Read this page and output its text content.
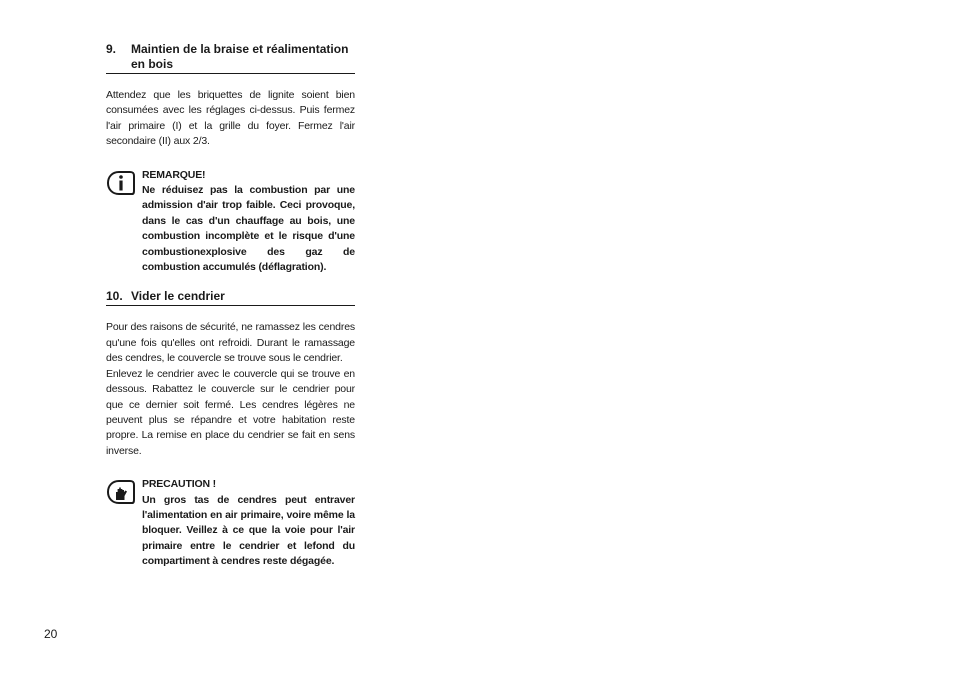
9.	Maintien de la braise et réalimentation en bois

Attendez que les briquettes de lignite soient bien consumées avec les réglages ci-dessus. Puis fermez l'air primaire (I) et la grille du foyer. Fermez l'air secondaire (II) aux 2/3.

REMARQUE!
Ne réduisez pas la combustion par une admission d'air trop faible. Ceci provoque, dans le cas d'un chauffage au bois, une combustion incomplète et le risque d'une combustionexplosive des gaz de combustion accumulés (déflagration).
10. Vider le cendrier

Pour des raisons de sécurité, ne ramassez les cendres qu'une fois qu'elles ont refroidi. Durant le ramassage des cendres, le couvercle se trouve sous le cendrier.

Enlevez le cendrier avec le couvercle qui se trouve en dessous. Rabattez le couvercle sur le cendrier pour que ce dernier soit fermé. Les cendres légères ne peuvent plus se répandre et votre habitation reste propre. La remise en place du cendrier se fait en sens inverse.

PRECAUTION !
Un gros tas de cendres peut entraver l'alimentation en air primaire, voire même la bloquer. Veillez à ce que la voie pour l'air primaire entre le cendrier et lefond du compartiment à cendres reste dégagée.
20
